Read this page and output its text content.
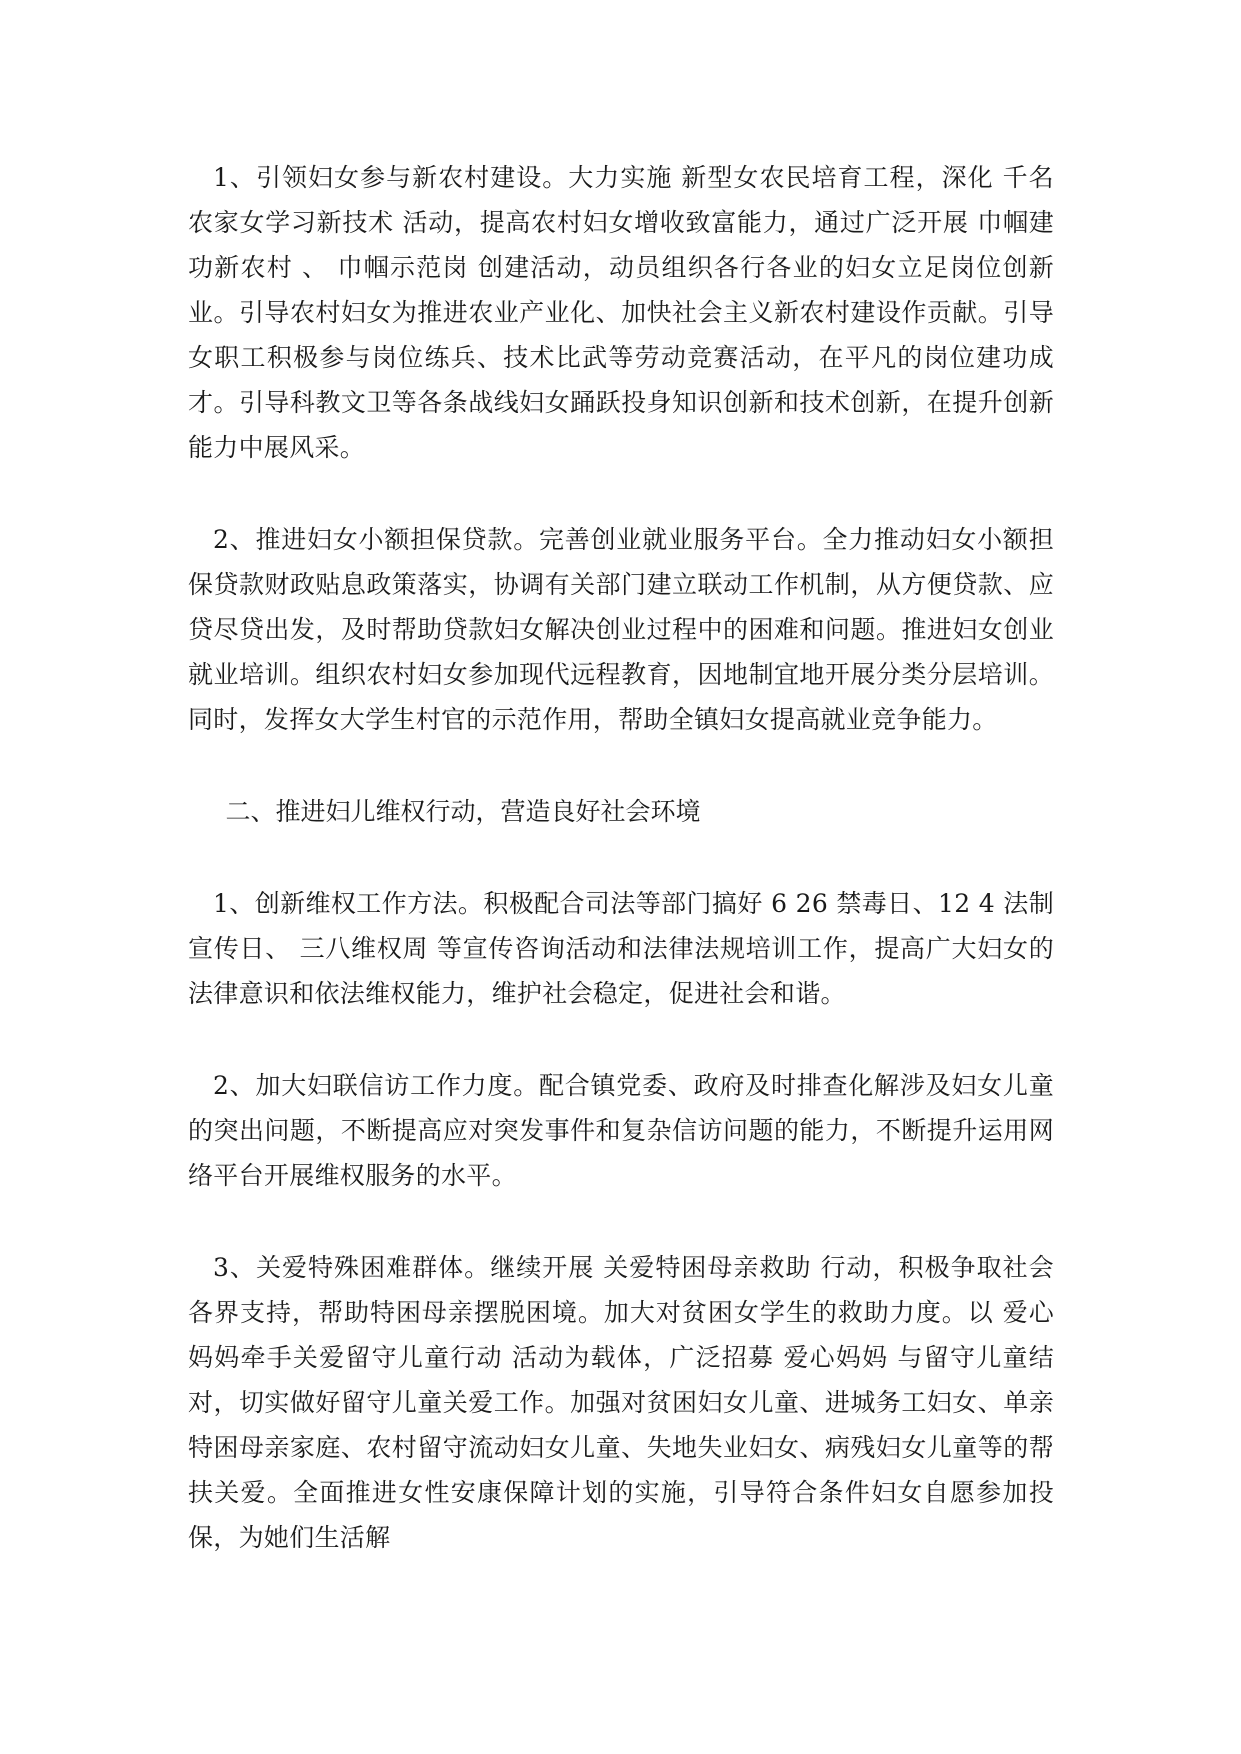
1、引领妇女参与新农村建设。大力实施 新型女农民培育工程，深化 千名农家女学习新技术 活动，提高农村妇女增收致富能力，通过广泛开展 巾帼建功新农村 、 巾帼示范岗 创建活动，动员组织各行各业的妇女立足岗位创新业。引导农村妇女为推进农业产业化、加快社会主义新农村建设作贡献。引导女职工积极参与岗位练兵、技术比武等劳动竞赛活动，在平凡的岗位建功成才。引导科教文卫等各条战线妇女踊跃投身知识创新和技术创新，在提升创新能力中展风采。

2、推进妇女小额担保贷款。完善创业就业服务平台。全力推动妇女小额担保贷款财政贴息政策落实，协调有关部门建立联动工作机制，从方便贷款、应贷尽贷出发，及时帮助贷款妇女解决创业过程中的困难和问题。推进妇女创业就业培训。组织农村妇女参加现代远程教育，因地制宜地开展分类分层培训。同时，发挥女大学生村官的示范作用，帮助全镇妇女提高就业竞争能力。

二、推进妇儿维权行动，营造良好社会环境

1、创新维权工作方法。积极配合司法等部门搞好 6 26 禁毒日、12 4 法制宣传日、 三八维权周 等宣传咨询活动和法律法规培训工作，提高广大妇女的法律意识和依法维权能力，维护社会稳定，促进社会和谐。

2、加大妇联信访工作力度。配合镇党委、政府及时排查化解涉及妇女儿童的突出问题，不断提高应对突发事件和复杂信访问题的能力，不断提升运用网络平台开展维权服务的水平。

3、关爱特殊困难群体。继续开展 关爱特困母亲救助 行动，积极争取社会各界支持，帮助特困母亲摆脱困境。加大对贫困女学生的救助力度。以 爱心妈妈牵手关爱留守儿童行动 活动为载体，广泛招募 爱心妈妈 与留守儿童结对，切实做好留守儿童关爱工作。加强对贫困妇女儿童、进城务工妇女、单亲特困母亲家庭、农村留守流动妇女儿童、失地失业妇女、病残妇女儿童等的帮扶关爱。全面推进女性安康保障计划的实施，引导符合条件妇女自愿参加投保，为她们生活解
